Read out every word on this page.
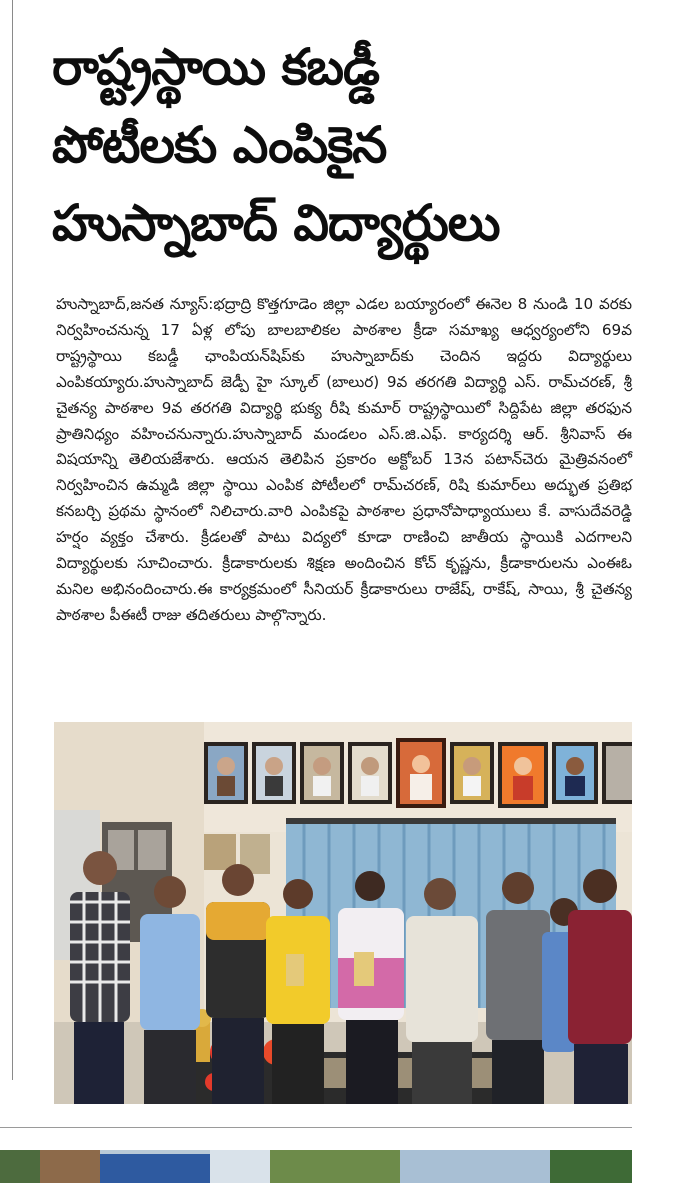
రాష్ట్రస్థాయి కబడ్డీ
పోటీలకు ఎంపికైన
హుస్నాబాద్ విద్యార్థులు

హుస్నాబాద్,జనత న్యూస్:భద్రాద్రి కొత్తగూడెం జిల్లా ఎడల బయ్యారంలో ఈనెల 8 నుండి 10 వరకు నిర్వహించనున్న 17 ఏళ్ల లోపు బాలబాలికల పాఠశాల క్రీడా సమాఖ్య ఆధ్వర్యంలోని 69వ రాష్ట్రస్థాయి కబడ్డీ ఛాంపియన్‌షిప్‌కు హుస్నాబాద్‌కు చెందిన ఇద్దరు విద్యార్థులు ఎంపికయ్యారు.హుస్నాబాద్ జెడ్పీ హై స్కూల్ (బాలుర) 9వ తరగతి విద్యార్థి ఎస్. రామ్‌చరణ్, శ్రీ చైతన్య పాఠశాల 9వ తరగతి విద్యార్థి భుక్య రీషి కుమార్ రాష్ట్రస్థాయిలో సిద్దిపేట జిల్లా తరఫున ప్రాతినిధ్యం వహించనున్నారు.హుస్నాబాద్ మండలం ఎస్.జి.ఎఫ్. కార్యదర్శి ఆర్. శ్రీనివాస్ ఈ విషయాన్ని తెలియజేశారు. ఆయన తెలిపిన ప్రకారం అక్టోబర్ 13న పటాన్‌చెరు మైత్రివనంలో నిర్వహించిన ఉమ్మడి జిల్లా స్థాయి ఎంపిక పోటీలలో రామ్‌చరణ్, రిషి కుమార్‌లు అద్భుత ప్రతిభ కనబర్చి ప్రథమ స్థానంలో నిలిచారు.వారి ఎంపికపై పాఠశాల ప్రధానోపాధ్యాయులు కే. వాసుదేవరెడ్డి హర్షం వ్యక్తం చేశారు. క్రీడలతో పాటు విద్యలో కూడా రాణించి జాతీయ స్థాయికి ఎదగాలని విద్యార్థులకు సూచించారు. క్రీడాకారులకు శిక్షణ అందించిన కోచ్ కృష్ణను, క్రీడాకారులను ఎంఈఓ మనిల అభినందించారు.ఈ కార్యక్రమంలో సీనియర్ క్రీడాకారులు రాజేష్, రాకేష్, సాయి, శ్రీ చైతన్య పాఠశాల పీఈటీ రాజు తదితరులు పాల్గొన్నారు.
